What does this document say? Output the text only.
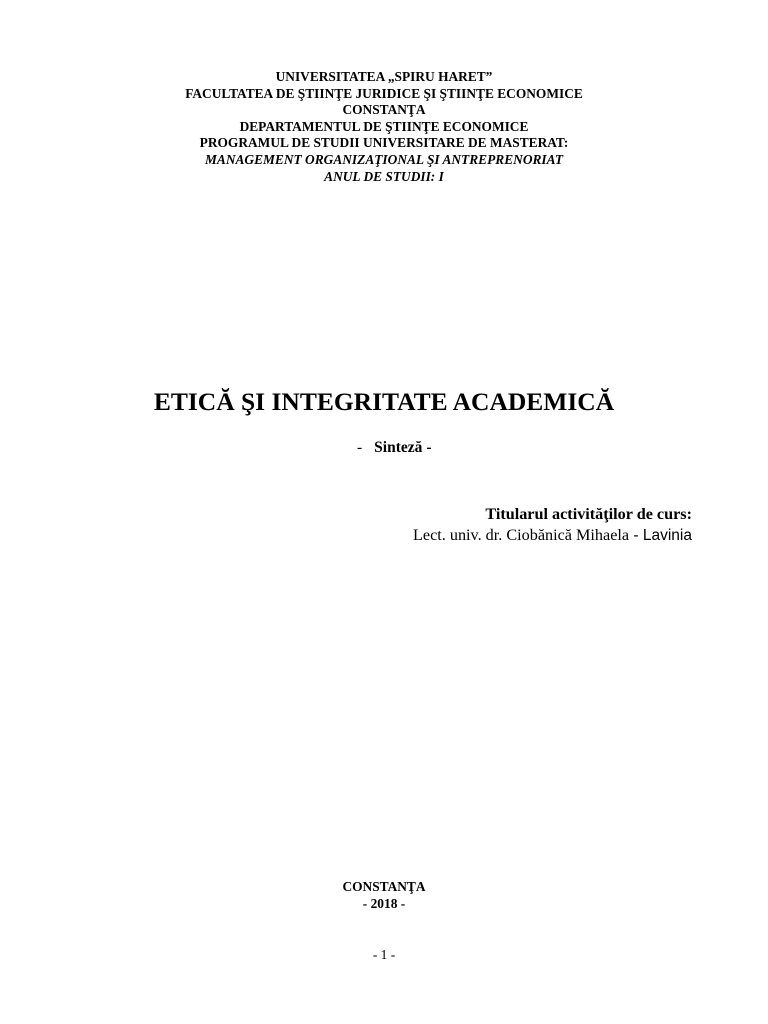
UNIVERSITATEA „SPIRU HARET”
FACULTATEA DE ŞTIINŢE JURIDICE ŞI ŞTIINŢE ECONOMICE
CONSTANŢA
DEPARTAMENTUL DE ŞTIINŢE ECONOMICE
PROGRAMUL DE STUDII UNIVERSITARE DE MASTERAT:
MANAGEMENT ORGANIZAŢIONAL ŞI ANTREPRENORIAT
ANUL DE STUDII: I
ETICĂ ŞI INTEGRITATE ACADEMICĂ
- Sinteză -
Titularul activităţilor de curs:
Lect. univ. dr. Ciobănică Mihaela - Lavinia
CONSTANŢA
- 2018 -
- 1 -
